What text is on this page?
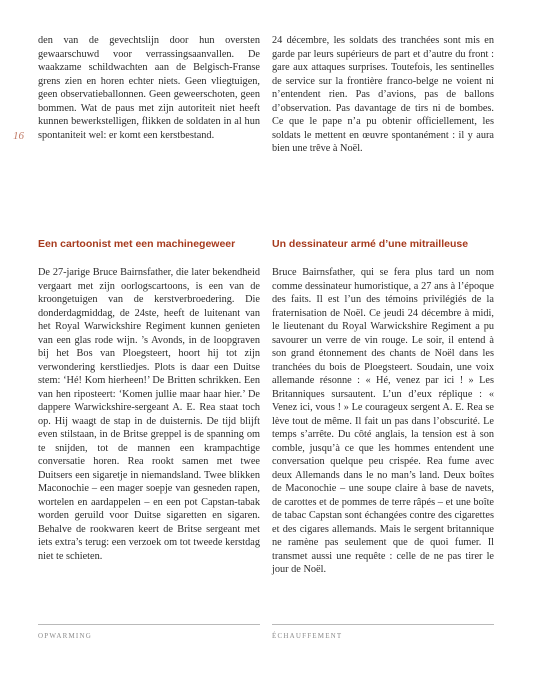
16

den van de gevechtslijn door hun oversten gewaarschuwd voor verrassingsaanvallen. De waakzame schildwachten aan de Belgisch-Franse grens zien en horen echter niets. Geen vliegtuigen, geen observatieballonnen. Geen geweerschoten, geen bommen. Wat de paus met zijn autoriteit niet heeft kunnen bewerkstelligen, flikken de soldaten in al hun spontaniteit wel: er komt een kerstbestand.

24 décembre, les soldats des tranchées sont mis en garde par leurs supérieurs de part et d’autre du front : gare aux attaques surprises. Toutefois, les sentinelles de service sur la frontière franco-belge ne voient ni n’entendent rien. Pas d’avions, pas de ballons d’observation. Pas davantage de tirs ni de bombes. Ce que le pape n’a pu obtenir officiellement, les soldats le mettent en œuvre spontanément : il y aura bien une trêve à Noël.

Een cartoonist met een machinegeweer

De 27-jarige Bruce Bairnsfather, die later bekendheid vergaart met zijn oorlogscartoons, is een van de kroongetuigen van de kerstverbroedering. Die donderdagmiddag, de 24ste, heeft de luitenant van het Royal Warwickshire Regiment kunnen genieten van een glas rode wijn. ’s Avonds, in de loopgraven bij het Bos van Ploegsteert, hoort hij tot zijn verwondering kerstliedjes. Plots is daar een Duitse stem: ‘Hé! Kom hierheen!’ De Britten schrikken. Een van hen riposteert: ‘Komen jullie maar haar hier.’ De dappere Warwickshire-sergeant A. E. Rea staat toch op. Hij waagt de stap in de duisternis. De tijd blijft even stilstaan, in de Britse greppel is de spanning om te snijden, tot de mannen een krampachtige conversatie horen. Rea rookt samen met twee Duitsers een sigaretje in niemandsland. Twee blikken Maconochie – een mager soepje van gesneden rapen, wortelen en aardappelen – en een pot Capstan-tabak worden geruild voor Duitse sigaretten en sigaren. Behalve de rookwaren keert de Britse sergeant met iets extra’s terug: een verzoek om tot tweede kerstdag niet te schieten.

Un dessinateur armé d’une mitrailleuse

Bruce Bairnsfather, qui se fera plus tard un nom comme dessinateur humoristique, a 27 ans à l’époque des faits. Il est l’un des témoins privilégiés de la fraternisation de Noël. Ce jeudi 24 décembre à midi, le lieutenant du Royal Warwickshire Regiment a pu savourer un verre de vin rouge. Le soir, il entend à son grand étonnement des chants de Noël dans les tranchées du bois de Ploegsteert. Soudain, une voix allemande résonne : « Hé, venez par ici ! » Les Britanniques sursautent. L’un d’eux réplique : « Venez ici, vous ! » Le courageux sergent A. E. Rea se lève tout de même. Il fait un pas dans l’obscurité. Le temps s’arrête. Du côté anglais, la tension est à son comble, jusqu’à ce que les hommes entendent une conversation quelque peu crispée. Rea fume avec deux Allemands dans le no man’s land. Deux boîtes de Maconochie – une soupe claire à base de navets, de carottes et de pommes de terre râpés – et une boîte de tabac Capstan sont échangées contre des cigarettes et des cigares allemands. Mais le sergent britannique ne ramène pas seulement que de quoi fumer. Il transmet aussi une requête : celle de ne pas tirer le jour de Noël.

OPWARMING	ÉCHAUFFEMENT
